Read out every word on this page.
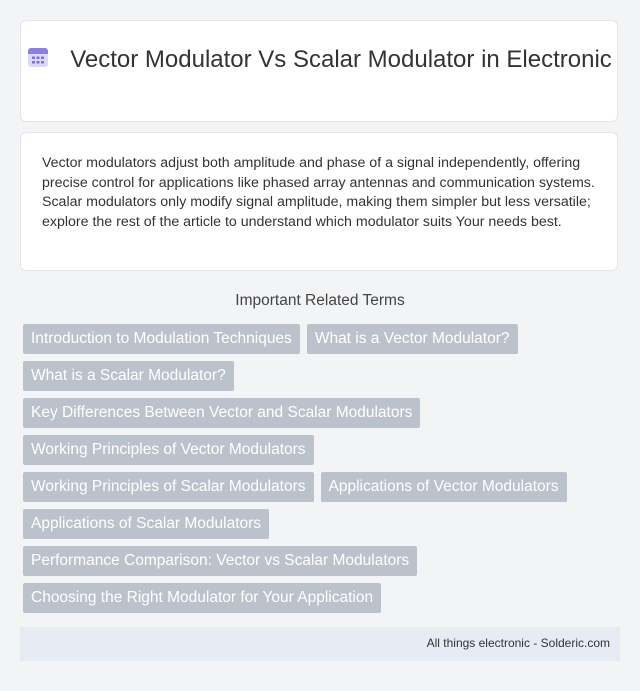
Vector Modulator Vs Scalar Modulator in Electronic
Vector modulators adjust both amplitude and phase of a signal independently, offering precise control for applications like phased array antennas and communication systems. Scalar modulators only modify signal amplitude, making them simpler but less versatile; explore the rest of the article to understand which modulator suits Your needs best.
Important Related Terms
Introduction to Modulation Techniques	What is a Vector Modulator?
What is a Scalar Modulator?
Key Differences Between Vector and Scalar Modulators
Working Principles of Vector Modulators
Working Principles of Scalar Modulators	Applications of Vector Modulators
Applications of Scalar Modulators
Performance Comparison: Vector vs Scalar Modulators
Choosing the Right Modulator for Your Application
All things electronic - Solderic.com
